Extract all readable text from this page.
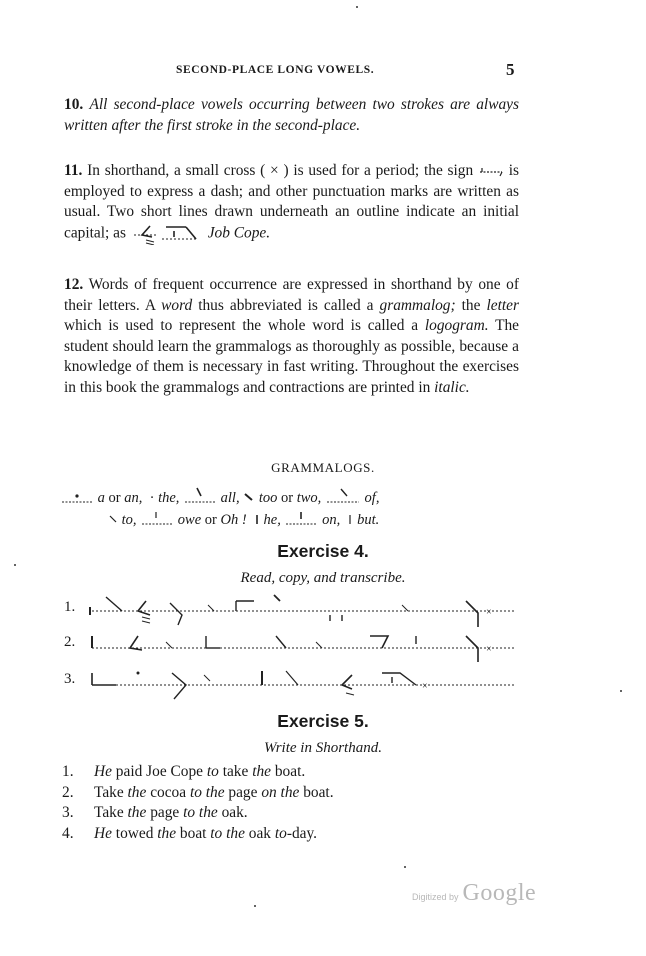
SECOND-PLACE LONG VOWELS.	5
10. All second-place vowels occurring between two strokes are always written after the first stroke in the second-place.
11. In shorthand, a small cross ( × ) is used for a period; the sign is employed to express a dash; and other punctuation marks are written as usual. Two short lines drawn underneath an outline indicate an initial capital; as	Job Cope.
12. Words of frequent occurrence are expressed in shorthand by one of their letters. A word thus abbreviated is called a grammalog; the letter which is used to represent the whole word is called a logogram. The student should learn the grammalogs as thoroughly as possible, because a knowledge of them is necessary in fast writing. Throughout the exercises in this book the grammalogs and contractions are printed in italic.
GRAMMALOGS.
a or an, · the,	all, too or two,	of,
to,	owe or Oh ! he,	on, but.
Exercise 4.
Read, copy, and transcribe.
1.	×
2.	×
3.	×
Exercise 5.
Write in Shorthand.
1. He paid Joe Cope to take the boat.
2. Take the cocoa to the page on the boat.
3. Take the page to the oak.
4. He towed the boat to the oak to-day.
Digitized by Google
